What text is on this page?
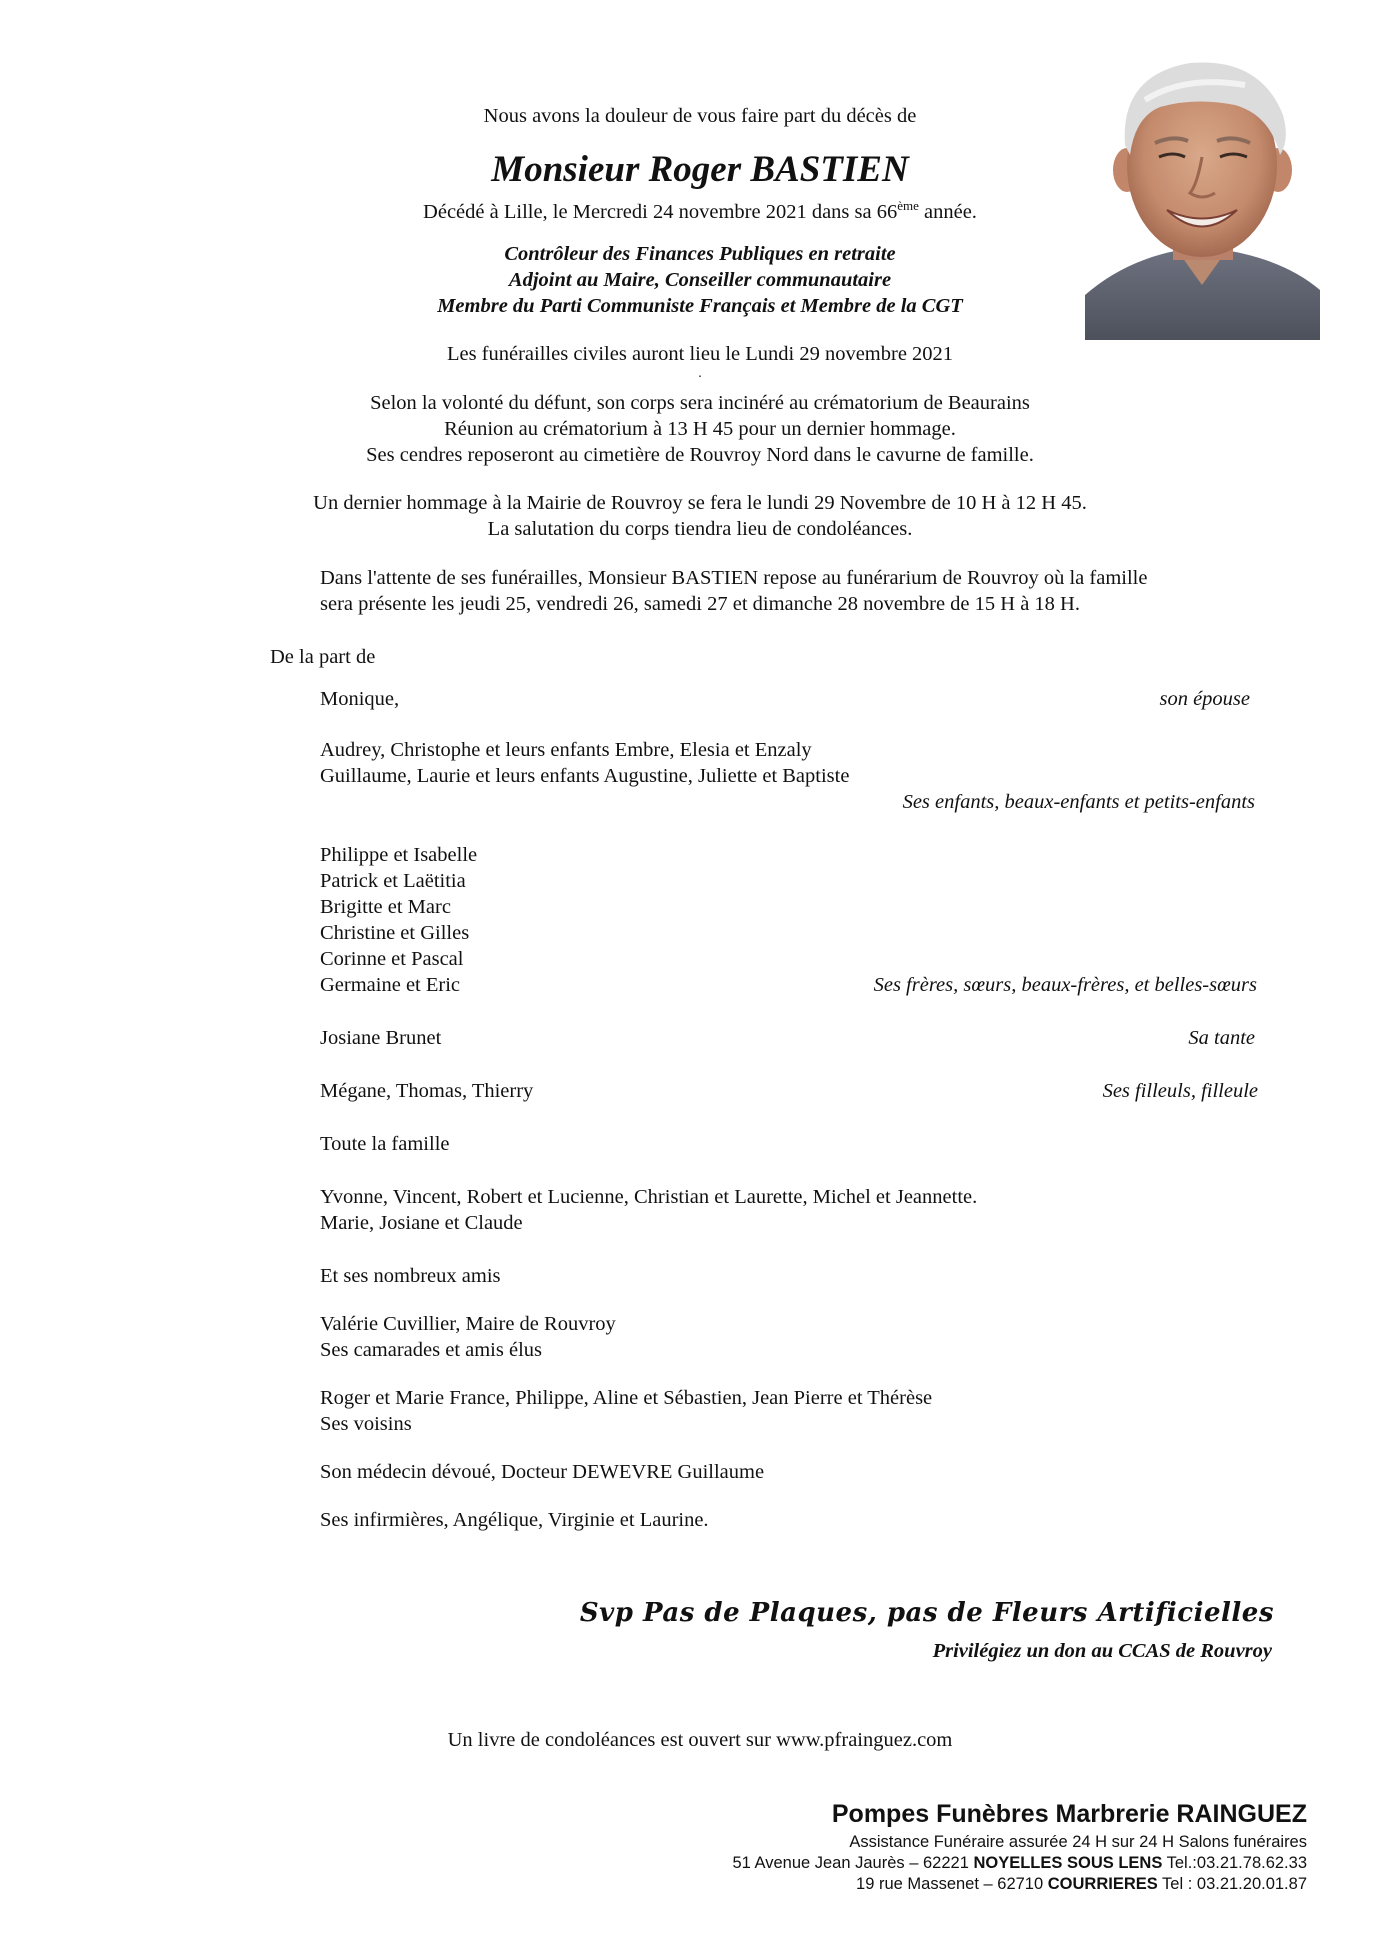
Nous avons la douleur de vous faire part du décès de
Monsieur Roger BASTIEN
Décédé à Lille, le Mercredi 24 novembre 2021 dans sa 66ème année.
Contrôleur des Finances Publiques en retraite
Adjoint au Maire, Conseiller communautaire
Membre du Parti Communiste Français et Membre de la CGT
Les funérailles civiles auront lieu le Lundi 29 novembre 2021
.
Selon la volonté du défunt, son corps sera incinéré au crématorium de Beaurains
Réunion au crématorium à 13 H 45 pour un dernier hommage.
Ses cendres reposeront au cimetière de Rouvroy Nord dans le cavurne de famille.
Un dernier hommage à la Mairie de Rouvroy se fera le lundi 29 Novembre de 10 H à 12 H 45.
La salutation du corps tiendra lieu de condoléances.
Dans l'attente de ses funérailles, Monsieur BASTIEN repose au funérarium de Rouvroy où la famille
sera présente les jeudi 25, vendredi 26, samedi 27 et dimanche 28 novembre de 15 H à 18 H.
De la part de
Monique,	son épouse
Audrey, Christophe et leurs enfants Embre, Elesia et Enzaly
Guillaume, Laurie et leurs enfants Augustine, Juliette et Baptiste
Ses enfants, beaux-enfants et petits-enfants
Philippe et Isabelle
Patrick et Laëtitia
Brigitte et Marc
Christine et Gilles
Corinne et Pascal
Germaine et Eric	Ses frères, sœurs, beaux-frères, et belles-sœurs
Josiane Brunet	Sa tante
Mégane, Thomas, Thierry	Ses filleuls, filleule
Toute la famille
Yvonne, Vincent, Robert et Lucienne, Christian et Laurette, Michel et Jeannette.
Marie, Josiane et Claude
Et ses nombreux amis
Valérie Cuvillier, Maire de Rouvroy
Ses camarades et amis élus
Roger et Marie France, Philippe, Aline et Sébastien, Jean Pierre et Thérèse
Ses voisins
Son médecin dévoué, Docteur DEWEVRE Guillaume
Ses infirmières, Angélique, Virginie et Laurine.
Svp Pas de Plaques, pas de Fleurs Artificielles
Privilégiez un don au CCAS de Rouvroy
Un livre de condoléances est ouvert sur www.pfrainguez.com
Pompes Funèbres Marbrerie RAINGUEZ
Assistance Funéraire assurée 24 H sur 24 H Salons funéraires
51 Avenue Jean Jaurès – 62221 NOYELLES SOUS LENS Tel.:03.21.78.62.33
19 rue Massenet – 62710 COURRIERES Tel : 03.21.20.01.87
